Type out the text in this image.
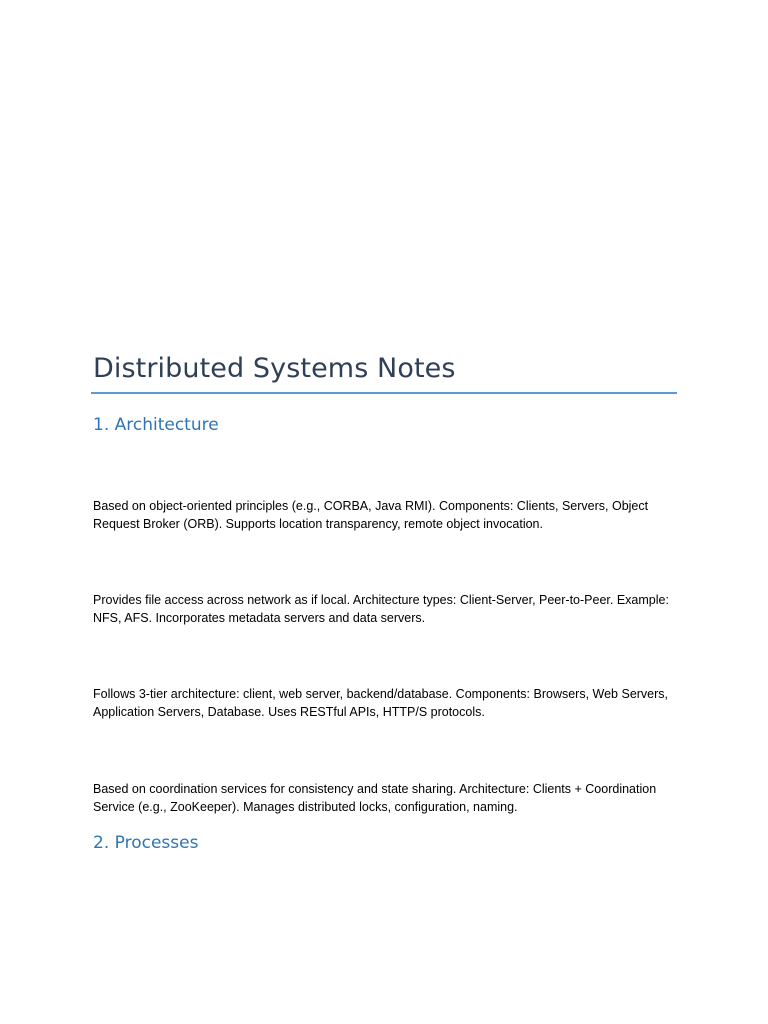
Distributed Systems Notes
1. Architecture

Based on object-oriented principles (e.g., CORBA, Java RMI). Components: Clients, Servers, Object Request Broker (ORB). Supports location transparency, remote object invocation.

Provides file access across network as if local. Architecture types: Client-Server, Peer-to-Peer. Example: NFS, AFS. Incorporates metadata servers and data servers.

Follows 3-tier architecture: client, web server, backend/database. Components: Browsers, Web Servers, Application Servers, Database. Uses RESTful APIs, HTTP/S protocols.

Based on coordination services for consistency and state sharing. Architecture: Clients + Coordination Service (e.g., ZooKeeper). Manages distributed locks, configuration, naming.

2. Processes
